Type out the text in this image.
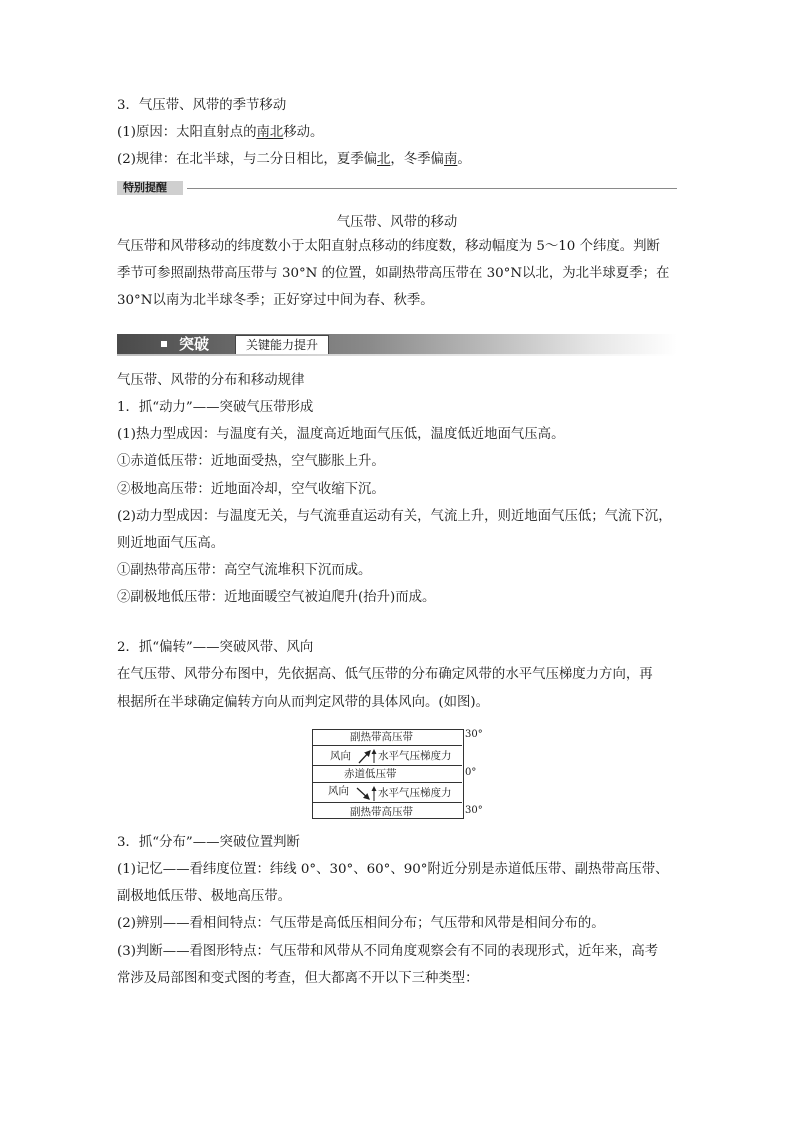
3．气压带、风带的季节移动
(1)原因：太阳直射点的南北移动。
(2)规律：在北半球，与二分日相比，夏季偏北，冬季偏南。
特别提醒
气压带、风带的移动
气压带和风带移动的纬度数小于太阳直射点移动的纬度数，移动幅度为 5～10 个纬度。判断
季节可参照副热带高压带与 30°N 的位置，如副热带高压带在 30°N以北，为北半球夏季；在
30°N以南为北半球冬季；正好穿过中间为春、秋季。
突破	关键能力提升
气压带、风带的分布和移动规律
1．抓“动力”——突破气压带形成
(1)热力型成因：与温度有关，温度高近地面气压低，温度低近地面气压高。
①赤道低压带：近地面受热，空气膨胀上升。
②极地高压带：近地面冷却，空气收缩下沉。
(2)动力型成因：与温度无关，与气流垂直运动有关，气流上升，则近地面气压低；气流下沉，
则近地面气压高。
①副热带高压带：高空气流堆积下沉而成。
②副极地低压带：近地面暖空气被迫爬升(抬升)而成。
2．抓“偏转”——突破风带、风向
在气压带、风带分布图中，先依据高、低气压带的分布确定风带的水平气压梯度力方向，再
根据所在半球确定偏转方向从而判定风带的具体风向。(如图)。
副热带高压带
风向	水平气压梯度力
赤道低压带
风向	水平气压梯度力
副热带高压带
30°
0°
30°
3．抓“分布”——突破位置判断
(1)记忆——看纬度位置：纬线 0°、30°、60°、90°附近分别是赤道低压带、副热带高压带、
副极地低压带、极地高压带。
(2)辨别——看相间特点：气压带是高低压相间分布；气压带和风带是相间分布的。
(3)判断——看图形特点：气压带和风带从不同角度观察会有不同的表现形式，近年来，高考
常涉及局部图和变式图的考查，但大都离不开以下三种类型：
